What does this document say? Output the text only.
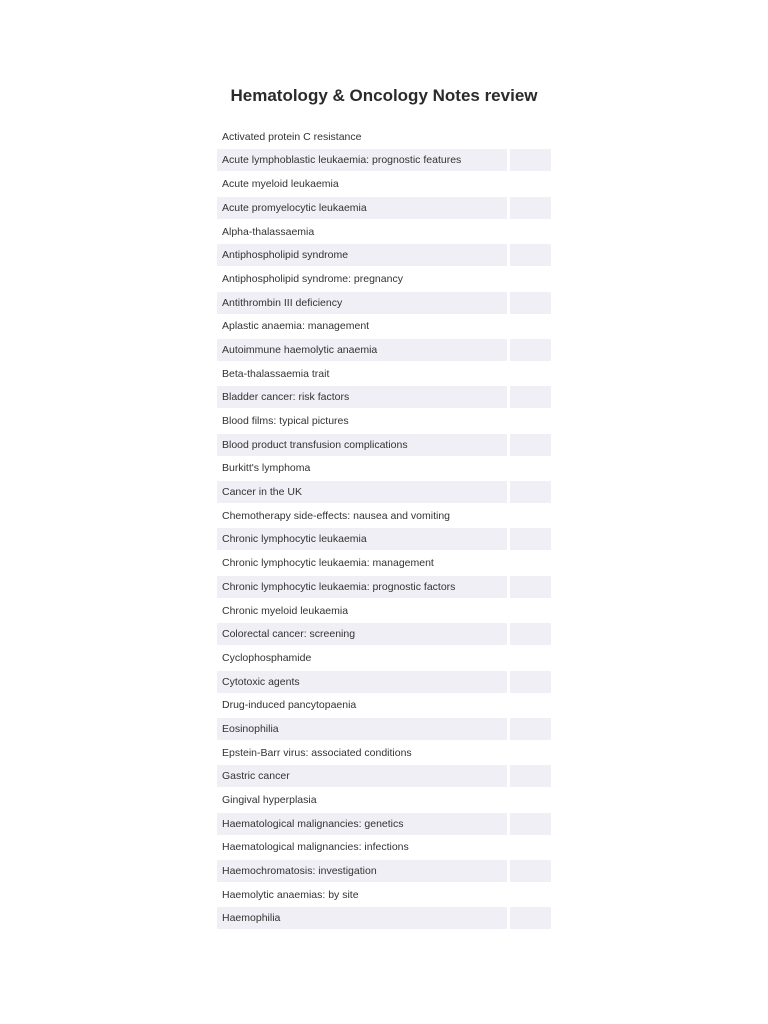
Hematology & Oncology Notes review
Activated protein C resistance
Acute lymphoblastic leukaemia: prognostic features
Acute myeloid leukaemia
Acute promyelocytic leukaemia
Alpha-thalassaemia
Antiphospholipid syndrome
Antiphospholipid syndrome: pregnancy
Antithrombin III deficiency
Aplastic anaemia: management
Autoimmune haemolytic anaemia
Beta-thalassaemia trait
Bladder cancer: risk factors
Blood films: typical pictures
Blood product transfusion complications
Burkitt's lymphoma
Cancer in the UK
Chemotherapy side-effects: nausea and vomiting
Chronic lymphocytic leukaemia
Chronic lymphocytic leukaemia: management
Chronic lymphocytic leukaemia: prognostic factors
Chronic myeloid leukaemia
Colorectal cancer: screening
Cyclophosphamide
Cytotoxic agents
Drug-induced pancytopaenia
Eosinophilia
Epstein-Barr virus: associated conditions
Gastric cancer
Gingival hyperplasia
Haematological malignancies: genetics
Haematological malignancies: infections
Haemochromatosis: investigation
Haemolytic anaemias: by site
Haemophilia
